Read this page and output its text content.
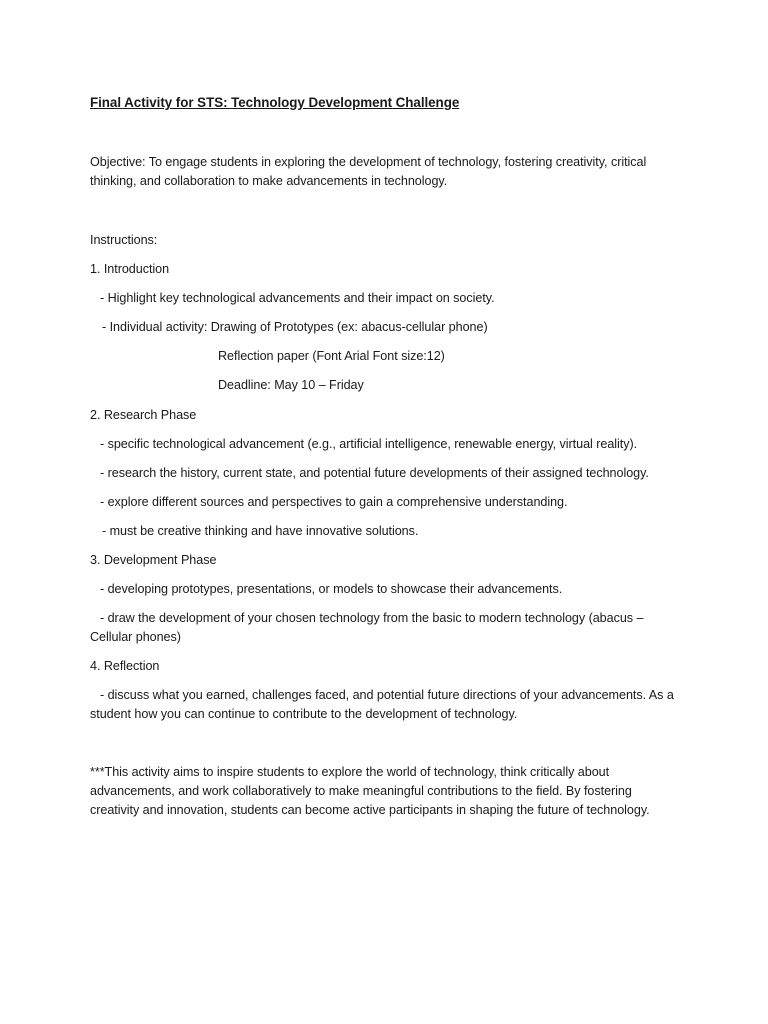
Final Activity for STS: Technology Development Challenge
Objective: To engage students in exploring the development of technology, fostering creativity, critical thinking, and collaboration to make advancements in technology.
Instructions:
1. Introduction
- Highlight key technological advancements and their impact on society.
- Individual activity: Drawing of Prototypes (ex: abacus-cellular phone)
Reflection paper (Font Arial Font size:12)
Deadline: May 10 – Friday
2. Research Phase
- specific technological advancement (e.g., artificial intelligence, renewable energy, virtual reality).
- research the history, current state, and potential future developments of their assigned technology.
- explore different sources and perspectives to gain a comprehensive understanding.
- must be creative thinking and have innovative solutions.
3. Development Phase
- developing prototypes, presentations, or models to showcase their advancements.
- draw the development of your chosen technology from the basic to modern technology (abacus – Cellular phones)
4. Reflection
- discuss what you earned, challenges faced, and potential future directions of your advancements. As a student how you can continue to contribute to the development of technology.
***This activity aims to inspire students to explore the world of technology, think critically about advancements, and work collaboratively to make meaningful contributions to the field. By fostering creativity and innovation, students can become active participants in shaping the future of technology.
